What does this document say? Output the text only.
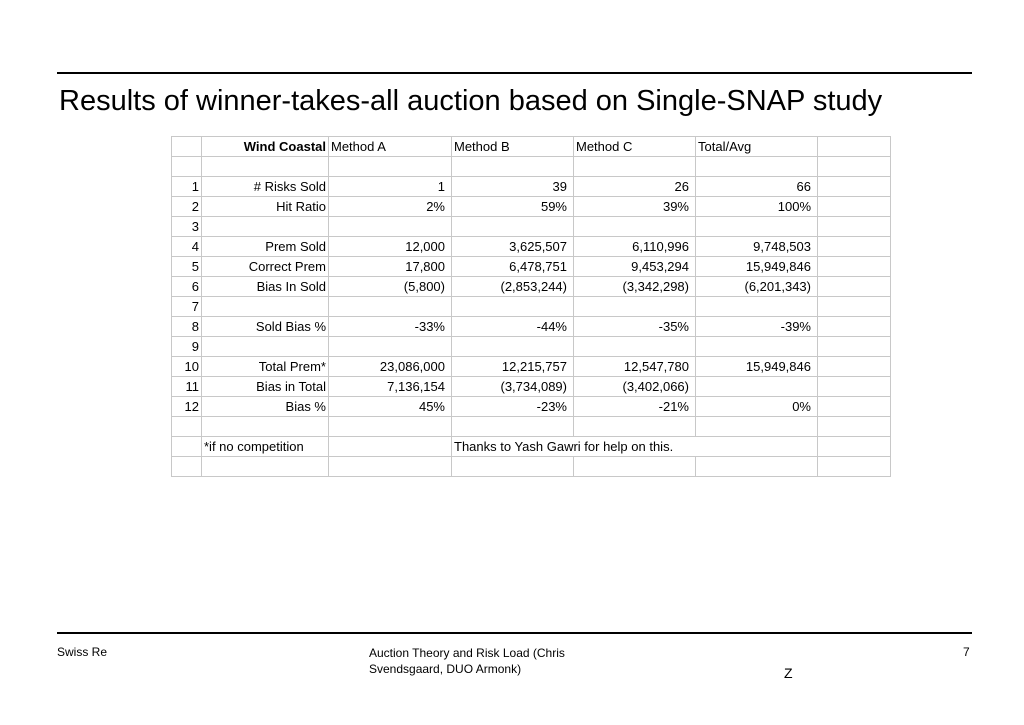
Results of winner-takes-all auction based on Single-SNAP study
	Wind Coastal	Method A	Method B	Method C	Total/Avg	

1	# Risks Sold	1	39	26	66	
2	Hit Ratio	2%	59%	39%	100%	
3						
4	Prem Sold	12,000	3,625,507	6,110,996	9,748,503	
5	Correct Prem	17,800	6,478,751	9,453,294	15,949,846	
6	Bias In Sold	(5,800)	(2,853,244)	(3,342,298)	(6,201,343)	
7						
8	Sold Bias %	-33%	-44%	-35%	-39%	
9						
10	Total Prem*	23,086,000	12,215,757	12,547,780	15,949,846	
11	Bias in Total	7,136,154	(3,734,089)	(3,402,066)		
12	Bias %	45%	-23%	-21%	0%	

	*if no competition		Thanks to Yash Gawri for help on this.			

Swiss Re	Auction Theory and Risk Load (Chris
Svendsgaard, DUO Armonk)
7
Z
